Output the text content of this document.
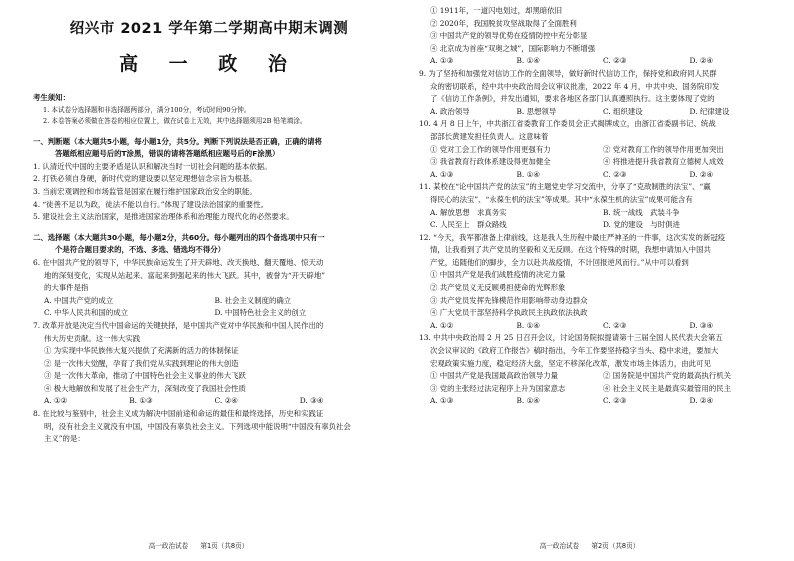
绍兴市 2021 学年第二学期高中期末调测
高 一 政 治
考生须知：
1. 本试卷分选择题和非选择题两部分，满分100分，考试时间90分钟。
2. 本卷答案必须做在答卷的相应位置上，做在试卷上无效，其中选择题须用2B 铅笔填涂。
一、判断题（本大题共5小题，每小题1分，共5分。判断下列说法是否正确，正确的请将
答题纸相应题号后的T涂黑，错误的请将答题纸相应题号后的F涂黑）
1. 认清近代中国的主要矛盾是认识和解决当时一切社会问题的基本依据。
2. 打铁必须自身硬，新时代党的建设要以坚定理想信念宗旨为根基。
3. 当前宏观调控和市场监管是国家在履行维护国家政治安全的职能。
4. “徒善不足以为政，徒法不能以自行。”体现了建设法治国家的重要性。
5. 建设社会主义法治国家，是推进国家治理体系和治理能力现代化的必然要求。
二、选择题（本大题共30小题，每小题2分，共60分。每小题列出的四个备选项中只有一
个是符合题目要求的，不选、多选、错选均不得分）
6. 在中国共产党的领导下，中华民族命运发生了开天辟地、改天换地、翻天覆地、惊天动
地的深刻变化，实现从站起来、富起来到强起来的伟大飞跃。其中，被誉为“开天辟地”
的大事件是指
A. 中国共产党的成立	B. 社会主义制度的确立
C. 中华人民共和国的成立	D. 中国特色社会主义的创立
7. 改革开放是决定当代中国命运的关键抉择，是中国共产党对中华民族和中国人民作出的
伟大历史贡献。这一伟大实践
① 为实现中华民族伟大复兴提供了充满新的活力的体制保证
② 是一次伟大觉醒，孕育了我们党从实践到理论的伟大创造
③ 是一次伟大革命，推动了中国特色社会主义事业的伟大飞跃
④ 极大地解放和发展了社会生产力，深刻改变了我国社会性质
A. ①②	B. ①③	C. ②④	D. ③④
8. 在比较与鉴别中，社会主义成为解决中国前途和命运的最佳和最终选择，历史和实践证
明，没有社会主义就没有中国，中国没有辜负社会主义。下列选项中能说明“中国没有辜负社会
主义”的是：
高一政治试卷 第1页（共8页）
① 1911年，一道闪电划过，却黑暗依旧
② 2020年，我国脱贫攻坚战取得了全面胜利
③ 中国共产党的领导优势在疫情防控中充分彰显
④ 北京成为首座“双奥之城”，国际影响力不断增强
A. ①③	B. ①④	C. ②③	D. ②④
9. 为了坚持和加强党对信访工作的全面领导，做好新时代信访工作，保持党和政府同人民群
众的密切联系，经中共中央政治局会议审议批准，2022 年 4 月，中共中央、国务院印发
了《信访工作条例》，并发出通知，要求各地区各部门认真遵照执行。这主要体现了党的
A. 政治领导	B. 思想领导	C. 组织建设	D. 纪律建设
10. 4 月 8 日上午，中共浙江省委教育工作委员会正式揭牌成立，由浙江省委副书记、统战
部部长黄建发担任负责人。这意味着
① 党对工会工作的领导作用更强有力	② 党对教育工作的领导作用更加突出
③ 我省教育行政体系建设得更加健全	④ 将推进提升我省教育立德树人成效
A. ①③	B. ①④	C. ②③	D. ②④
11. 某校在“论中国共产党的法宝”的主题党史学习交流中，分享了“克敌制胜的法宝”、“赢
得民心的法宝”、“永葆生机的法宝”等成果。其中“永葆生机的法宝”成果可能含有
A. 解放思想　求真务实	B. 统一战线　武装斗争
C. 人民至上　群众路线	D. 党的建设　与时俱进
12. “今天，我军都准备上律前线，这是我人生历程中最庄严神圣的一件事，这次实发的新冠疫
情，让我看到了共产党员的坚毅和义无反顾。在这个特殊的时期，我想申请加入中国共
产党，追随他们的脚步，全力以赴共战疫情，不计回报逆风而行。”从中可以看到
① 中国共产党是我们战胜疫情的决定力量
② 共产党员义无反顾勇担使命的光辉形象
③ 共产党员发挥先锋模范作用影响带动身边群众
④ 广大党员干部坚持科学执政民主执政依法执政
A. ①②	B. ①④	C. ②③	D. ③④
13. 中共中央政治局 2 月 25 日召开会议，讨论国务院拟提请第十三届全国人民代表大会第五
次会议审议的《政府工作报告》稿时指出，今年工作要坚持稳字当头、稳中求进，要加大
宏观政策实施力度，稳定经济大盘，坚定不移深化改革，激发市场主体活力，由此可见
① 中国共产党是我国最高政治领导力量	② 国务院是中国共产党的最高执行机关
③ 党的主张经过法定程序上升为国家意志	④ 社会主义民主是最真实最管用的民主
A. ①③	B. ①④	C. ②③	D. ②④
高一政治试卷 第2页（共8页）
